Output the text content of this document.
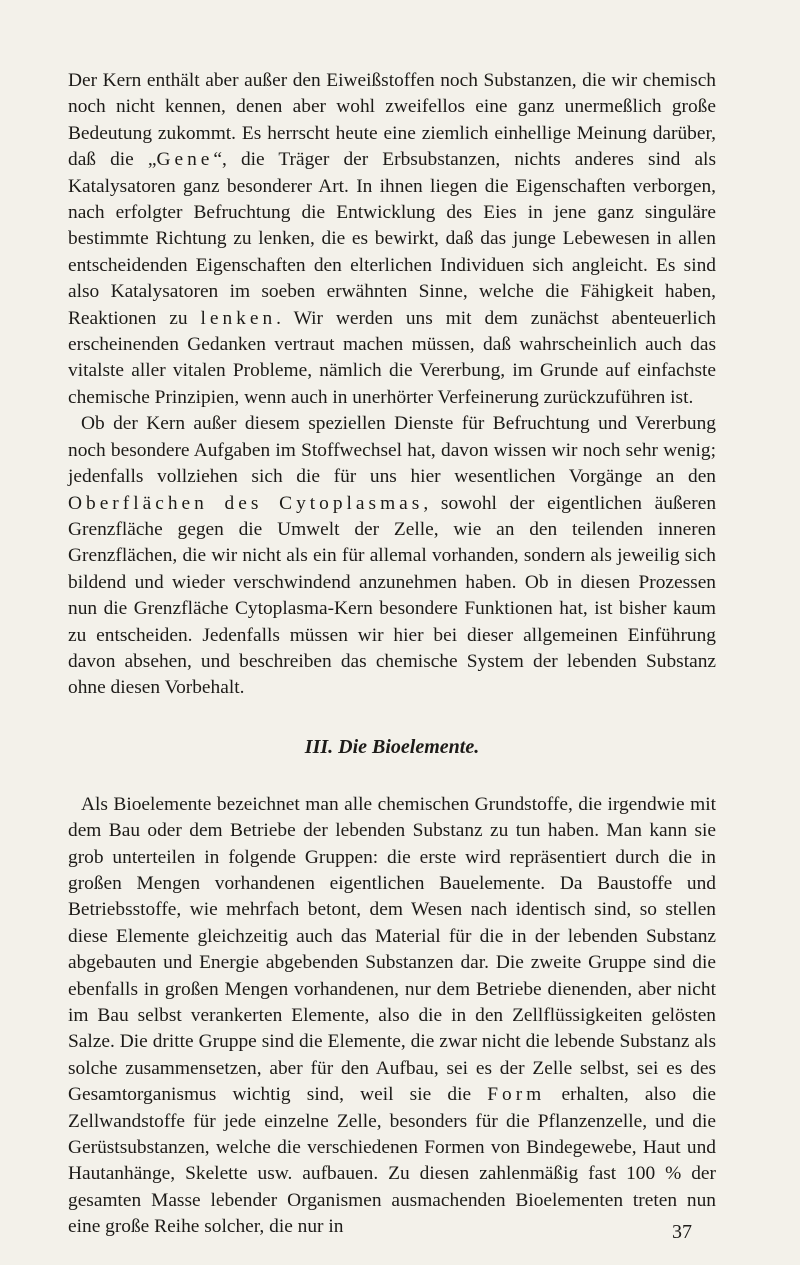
Der Kern enthält aber außer den Eiweißstoffen noch Substanzen, die wir chemisch noch nicht kennen, denen aber wohl zweifellos eine ganz unermeßlich große Bedeutung zukommt. Es herrscht heute eine ziemlich einhellige Meinung darüber, daß die „Gene“, die Träger der Erbsubstanzen, nichts anderes sind als Katalysatoren ganz besonderer Art. In ihnen liegen die Eigenschaften verborgen, nach erfolgter Befruchtung die Entwicklung des Eies in jene ganz singuläre bestimmte Richtung zu lenken, die es bewirkt, daß das junge Lebewesen in allen entscheidenden Eigenschaften den elterlichen Individuen sich angleicht. Es sind also Katalysatoren im soeben erwähnten Sinne, welche die Fähigkeit haben, Reaktionen zu lenken. Wir werden uns mit dem zunächst abenteuerlich erscheinenden Gedanken vertraut machen müssen, daß wahrscheinlich auch das vitalste aller vitalen Probleme, nämlich die Vererbung, im Grunde auf einfachste chemische Prinzipien, wenn auch in unerhörter Verfeinerung zurückzuführen ist.

Ob der Kern außer diesem speziellen Dienste für Befruchtung und Vererbung noch besondere Aufgaben im Stoffwechsel hat, davon wissen wir noch sehr wenig; jedenfalls vollziehen sich die für uns hier wesentlichen Vorgänge an den Oberflächen des Cytoplasmas, sowohl der eigentlichen äußeren Grenzfläche gegen die Umwelt der Zelle, wie an den teilenden inneren Grenzflächen, die wir nicht als ein für allemal vorhanden, sondern als jeweilig sich bildend und wieder verschwindend anzunehmen haben. Ob in diesen Prozessen nun die Grenzfläche Cytoplasma-Kern besondere Funktionen hat, ist bisher kaum zu entscheiden. Jedenfalls müssen wir hier bei dieser allgemeinen Einführung davon absehen, und beschreiben das chemische System der lebenden Substanz ohne diesen Vorbehalt.

III. Die Bioelemente.

Als Bioelemente bezeichnet man alle chemischen Grundstoffe, die irgendwie mit dem Bau oder dem Betriebe der lebenden Substanz zu tun haben. Man kann sie grob unterteilen in folgende Gruppen: die erste wird repräsentiert durch die in großen Mengen vorhandenen eigentlichen Bauelemente. Da Baustoffe und Betriebsstoffe, wie mehrfach betont, dem Wesen nach identisch sind, so stellen diese Elemente gleichzeitig auch das Material für die in der lebenden Substanz abgebauten und Energie abgebenden Substanzen dar. Die zweite Gruppe sind die ebenfalls in großen Mengen vorhandenen, nur dem Betriebe dienenden, aber nicht im Bau selbst verankerten Elemente, also die in den Zellflüssigkeiten gelösten Salze. Die dritte Gruppe sind die Elemente, die zwar nicht die lebende Substanz als solche zusammensetzen, aber für den Aufbau, sei es der Zelle selbst, sei es des Gesamtorganismus wichtig sind, weil sie die Form erhalten, also die Zellwandstoffe für jede einzelne Zelle, besonders für die Pflanzenzelle, und die Gerüstsubstanzen, welche die verschiedenen Formen von Bindegewebe, Haut und Hautanhänge, Skelette usw. aufbauen. Zu diesen zahlenmäßig fast 100 % der gesamten Masse lebender Organismen ausmachenden Bioelementen treten nun eine große Reihe solcher, die nur in	37
